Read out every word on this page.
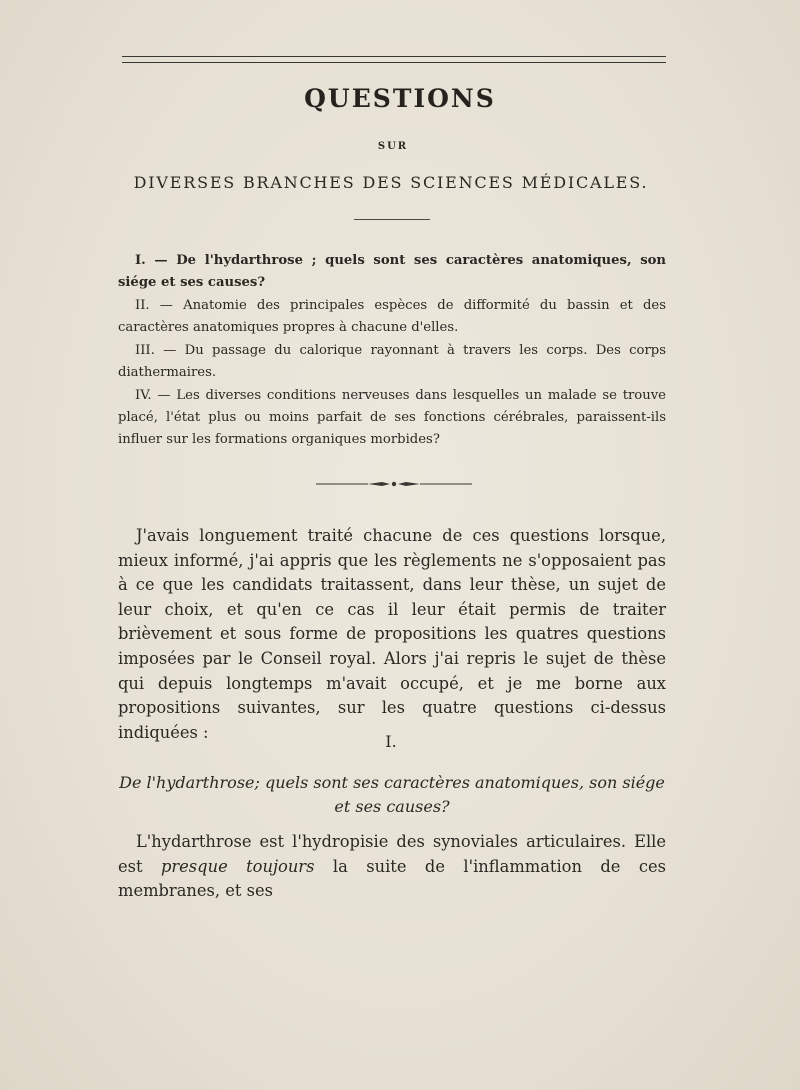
QUESTIONS
SUR
DIVERSES BRANCHES DES SCIENCES MÉDICALES.

I. — De l'hydarthrose ; quels sont ses caractères anatomiques, son siége et ses causes?

II. — Anatomie des principales espèces de difformité du bassin et des caractères anatomiques propres à chacune d'elles.

III. — Du passage du calorique rayonnant à travers les corps. Des corps diathermaires.

IV. — Les diverses conditions nerveuses dans lesquelles un malade se trouve placé, l'état plus ou moins parfait de ses fonctions cérébrales, paraissent-ils influer sur les formations organiques morbides?

J'avais longuement traité chacune de ces questions lorsque, mieux informé, j'ai appris que les règlements ne s'opposaient pas à ce que les candidats traitassent, dans leur thèse, un sujet de leur choix, et qu'en ce cas il leur était permis de traiter brièvement et sous forme de propositions les quatres questions imposées par le Conseil royal. Alors j'ai repris le sujet de thèse qui depuis longtemps m'avait occupé, et je me borne aux propositions suivantes, sur les quatre questions ci-dessus indiquées :	I.
De l'hydarthrose; quels sont ses caractères anatomiques, son siége et ses causes?

L'hydarthrose est l'hydropisie des synoviales articulaires. Elle est presque toujours la suite de l'inflammation de ces membranes, et ses
